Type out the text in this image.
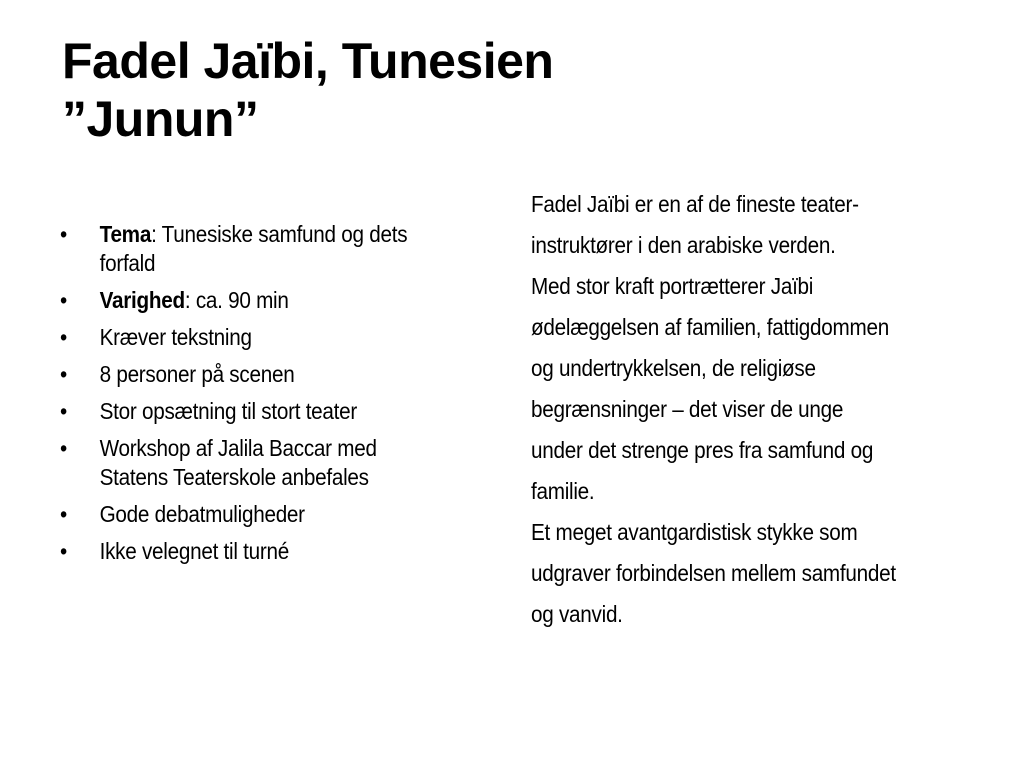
Fadel Jaïbi, Tunesien
”Junun”
• Tema: Tunesiske samfund og dets forfald
• Varighed: ca. 90 min
• Kræver tekstning
• 8 personer på scenen
• Stor opsætning til stort teater
• Workshop af Jalila Baccar med Statens Teaterskole anbefales
• Gode debatmuligheder
• Ikke velegnet til turné
Fadel Jaïbi er en af de fineste teater-
instruktører i den arabiske verden.
Med stor kraft portrætterer Jaïbi
ødelæggelsen af familien, fattigdommen
og undertrykkelsen, de religiøse
begrænsninger – det viser de unge
under det strenge pres fra samfund og
familie.
Et meget avantgardistisk stykke som
udgraver forbindelsen mellem samfundet
og vanvid.
